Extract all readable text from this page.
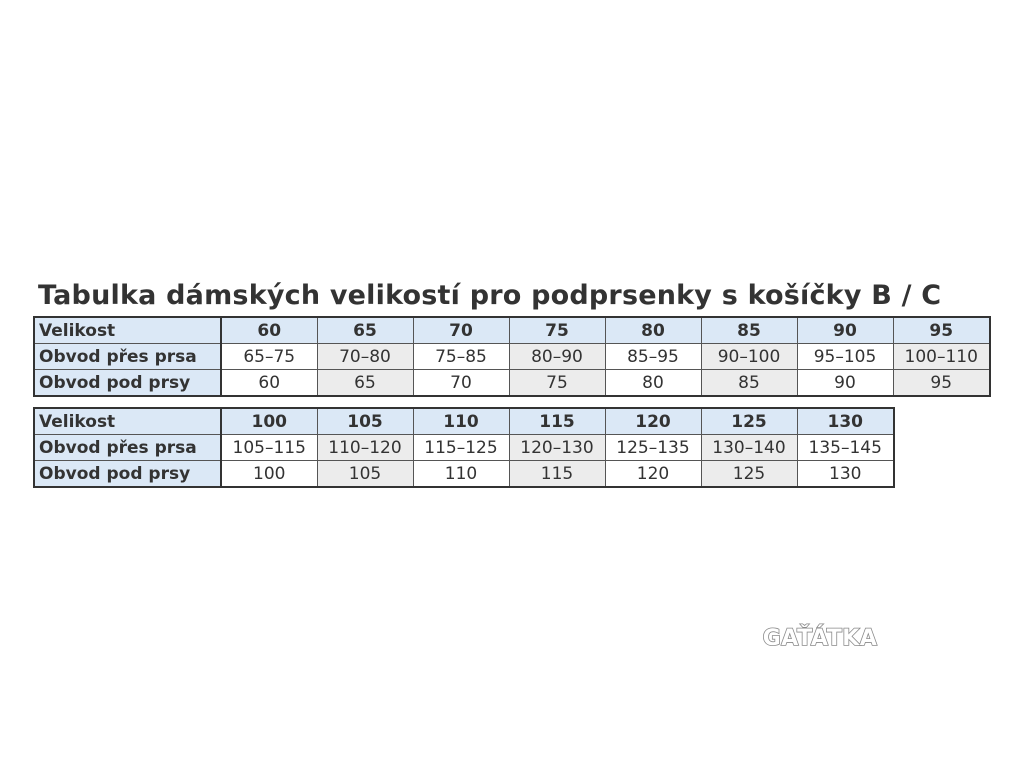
Tabulka dámských velikostí pro podprsenky s košíčky B / C
Velikost	60	65	70	75	80	85	90	95
Obvod přes prsa	65–75	70–80	75–85	80–90	85–95	90–100	95–105	100–110
Obvod pod prsy	60	65	70	75	80	85	90	95
Velikost	100	105	110	115	120	125	130
Obvod přes prsa	105–115	110–120	115–125	120–130	125–135	130–140	135–145
Obvod pod prsy	100	105	110	115	120	125	130
GAŤÁTKA
